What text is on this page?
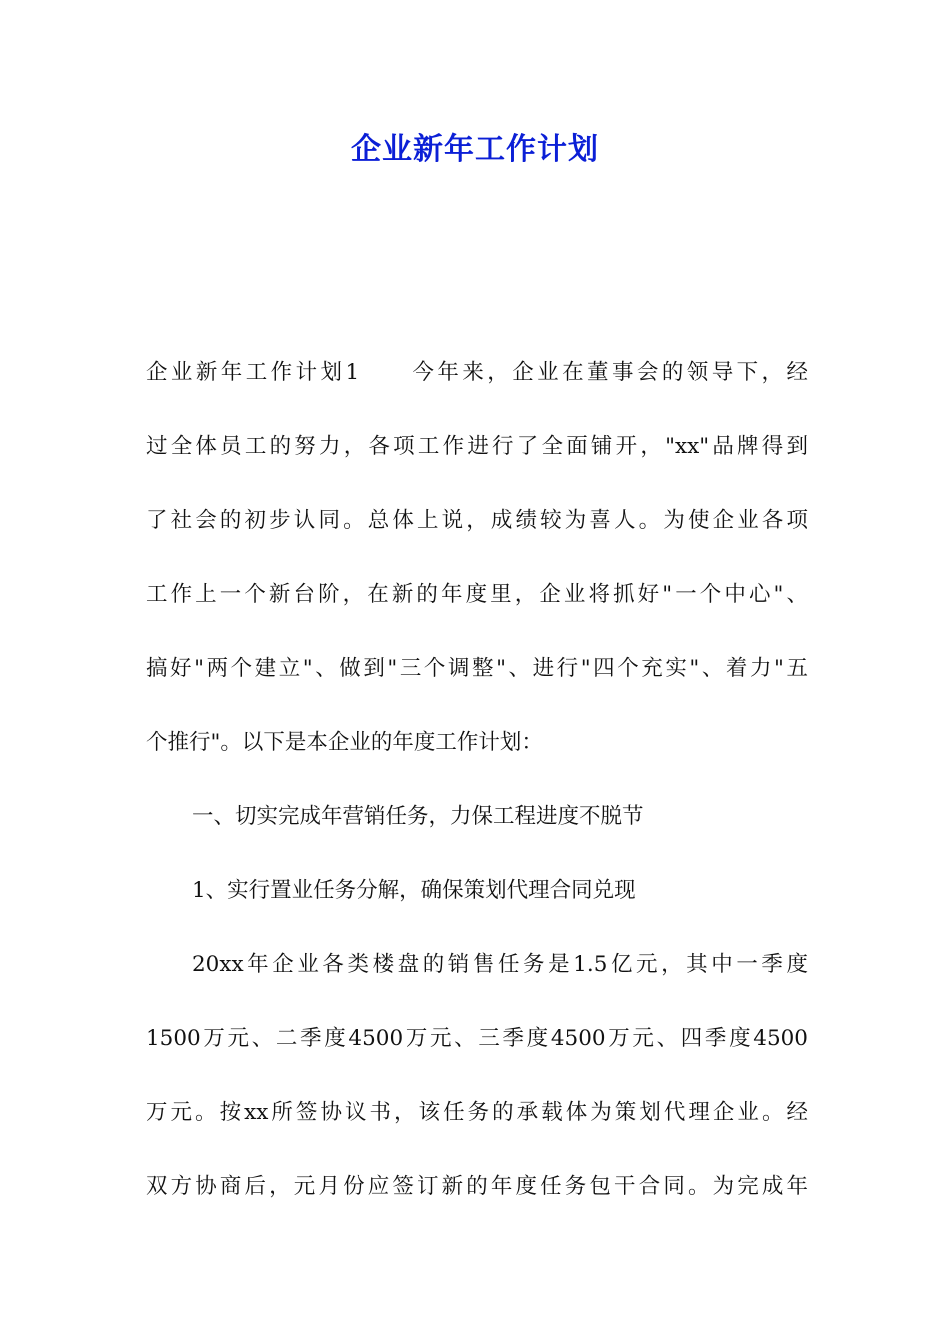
企业新年工作计划
企业新年工作计划1　　今年来，企业在董事会的领导下，经
过全体员工的努力，各项工作进行了全面铺开，"xx"品牌得到
了社会的初步认同。总体上说，成绩较为喜人。为使企业各项
工作上一个新台阶，在新的年度里，企业将抓好"一个中心"、
搞好"两个建立"、做到"三个调整"、进行"四个充实"、着力"五
个推行"。以下是本企业的年度工作计划：
一、切实完成年营销任务，力保工程进度不脱节
1、实行置业任务分解，确保策划代理合同兑现
20xx年企业各类楼盘的销售任务是1.5亿元，其中一季度
1500万元、二季度4500万元、三季度4500万元、四季度4500
万元。按xx所签协议书，该任务的承载体为策划代理企业。经
双方协商后，元月份应签订新的年度任务包干合同。为完成年
